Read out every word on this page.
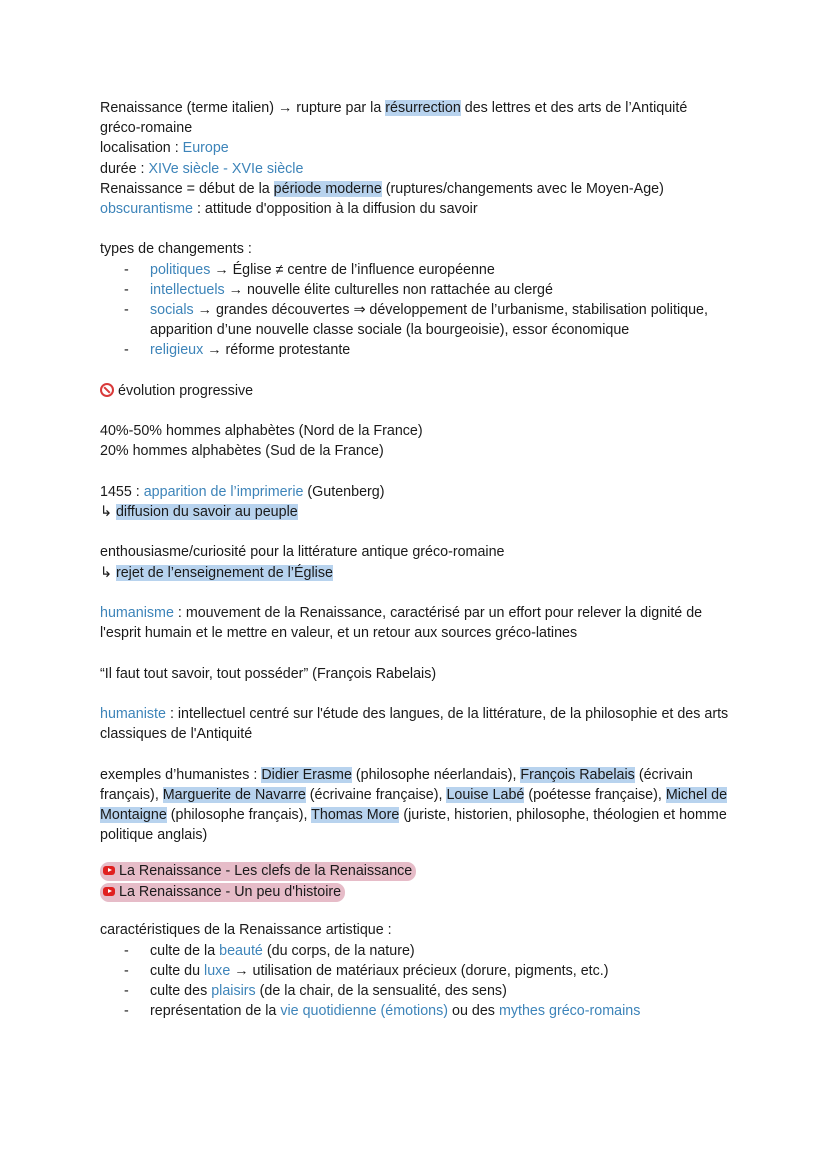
Renaissance (terme italien) → rupture par la résurrection des lettres et des arts de l’Antiquité gréco-romaine

localisation : Europe

durée : XIVe siècle - XVIe siècle

Renaissance = début de la période moderne (ruptures/changements avec le Moyen-Age)

obscurantisme : attitude d'opposition à la diffusion du savoir

types de changements :

- politiques → Église ≠ centre de l’influence européenne
- intellectuels → nouvelle élite culturelles non rattachée au clergé
- socials → grandes découvertes ⇒ développement de l’urbanisme, stabilisation politique, apparition d’une nouvelle classe sociale (la bourgeoisie), essor économique
- religieux → réforme protestante

évolution progressive

40%-50% hommes alphabètes (Nord de la France)

20% hommes alphabètes (Sud de la France)

1455 : apparition de l’imprimerie (Gutenberg)

↳ diffusion du savoir au peuple

enthousiasme/curiosité pour la littérature antique gréco-romaine

↳ rejet de l’enseignement de l’Église

humanisme : mouvement de la Renaissance, caractérisé par un effort pour relever la dignité de l'esprit humain et le mettre en valeur, et un retour aux sources gréco-latines

“Il faut tout savoir, tout posséder” (François Rabelais)

humaniste : intellectuel centré sur l'étude des langues, de la littérature, de la philosophie et des arts classiques de l'Antiquité

exemples d’humanistes : Didier Erasme (philosophe néerlandais), François Rabelais (écrivain français), Marguerite de Navarre (écrivaine française), Louise Labé (poétesse française), Michel de Montaigne (philosophe français), Thomas More (juriste, historien, philosophe, théologien et homme politique anglais)

La Renaissance - Les clefs de la Renaissance

La Renaissance - Un peu d'histoire

caractéristiques de la Renaissance artistique :

- culte de la beauté (du corps, de la nature)
- culte du luxe → utilisation de matériaux précieux (dorure, pigments, etc.)
- culte des plaisirs (de la chair, de la sensualité, des sens)
- représentation de la vie quotidienne (émotions) ou des mythes gréco-romains
